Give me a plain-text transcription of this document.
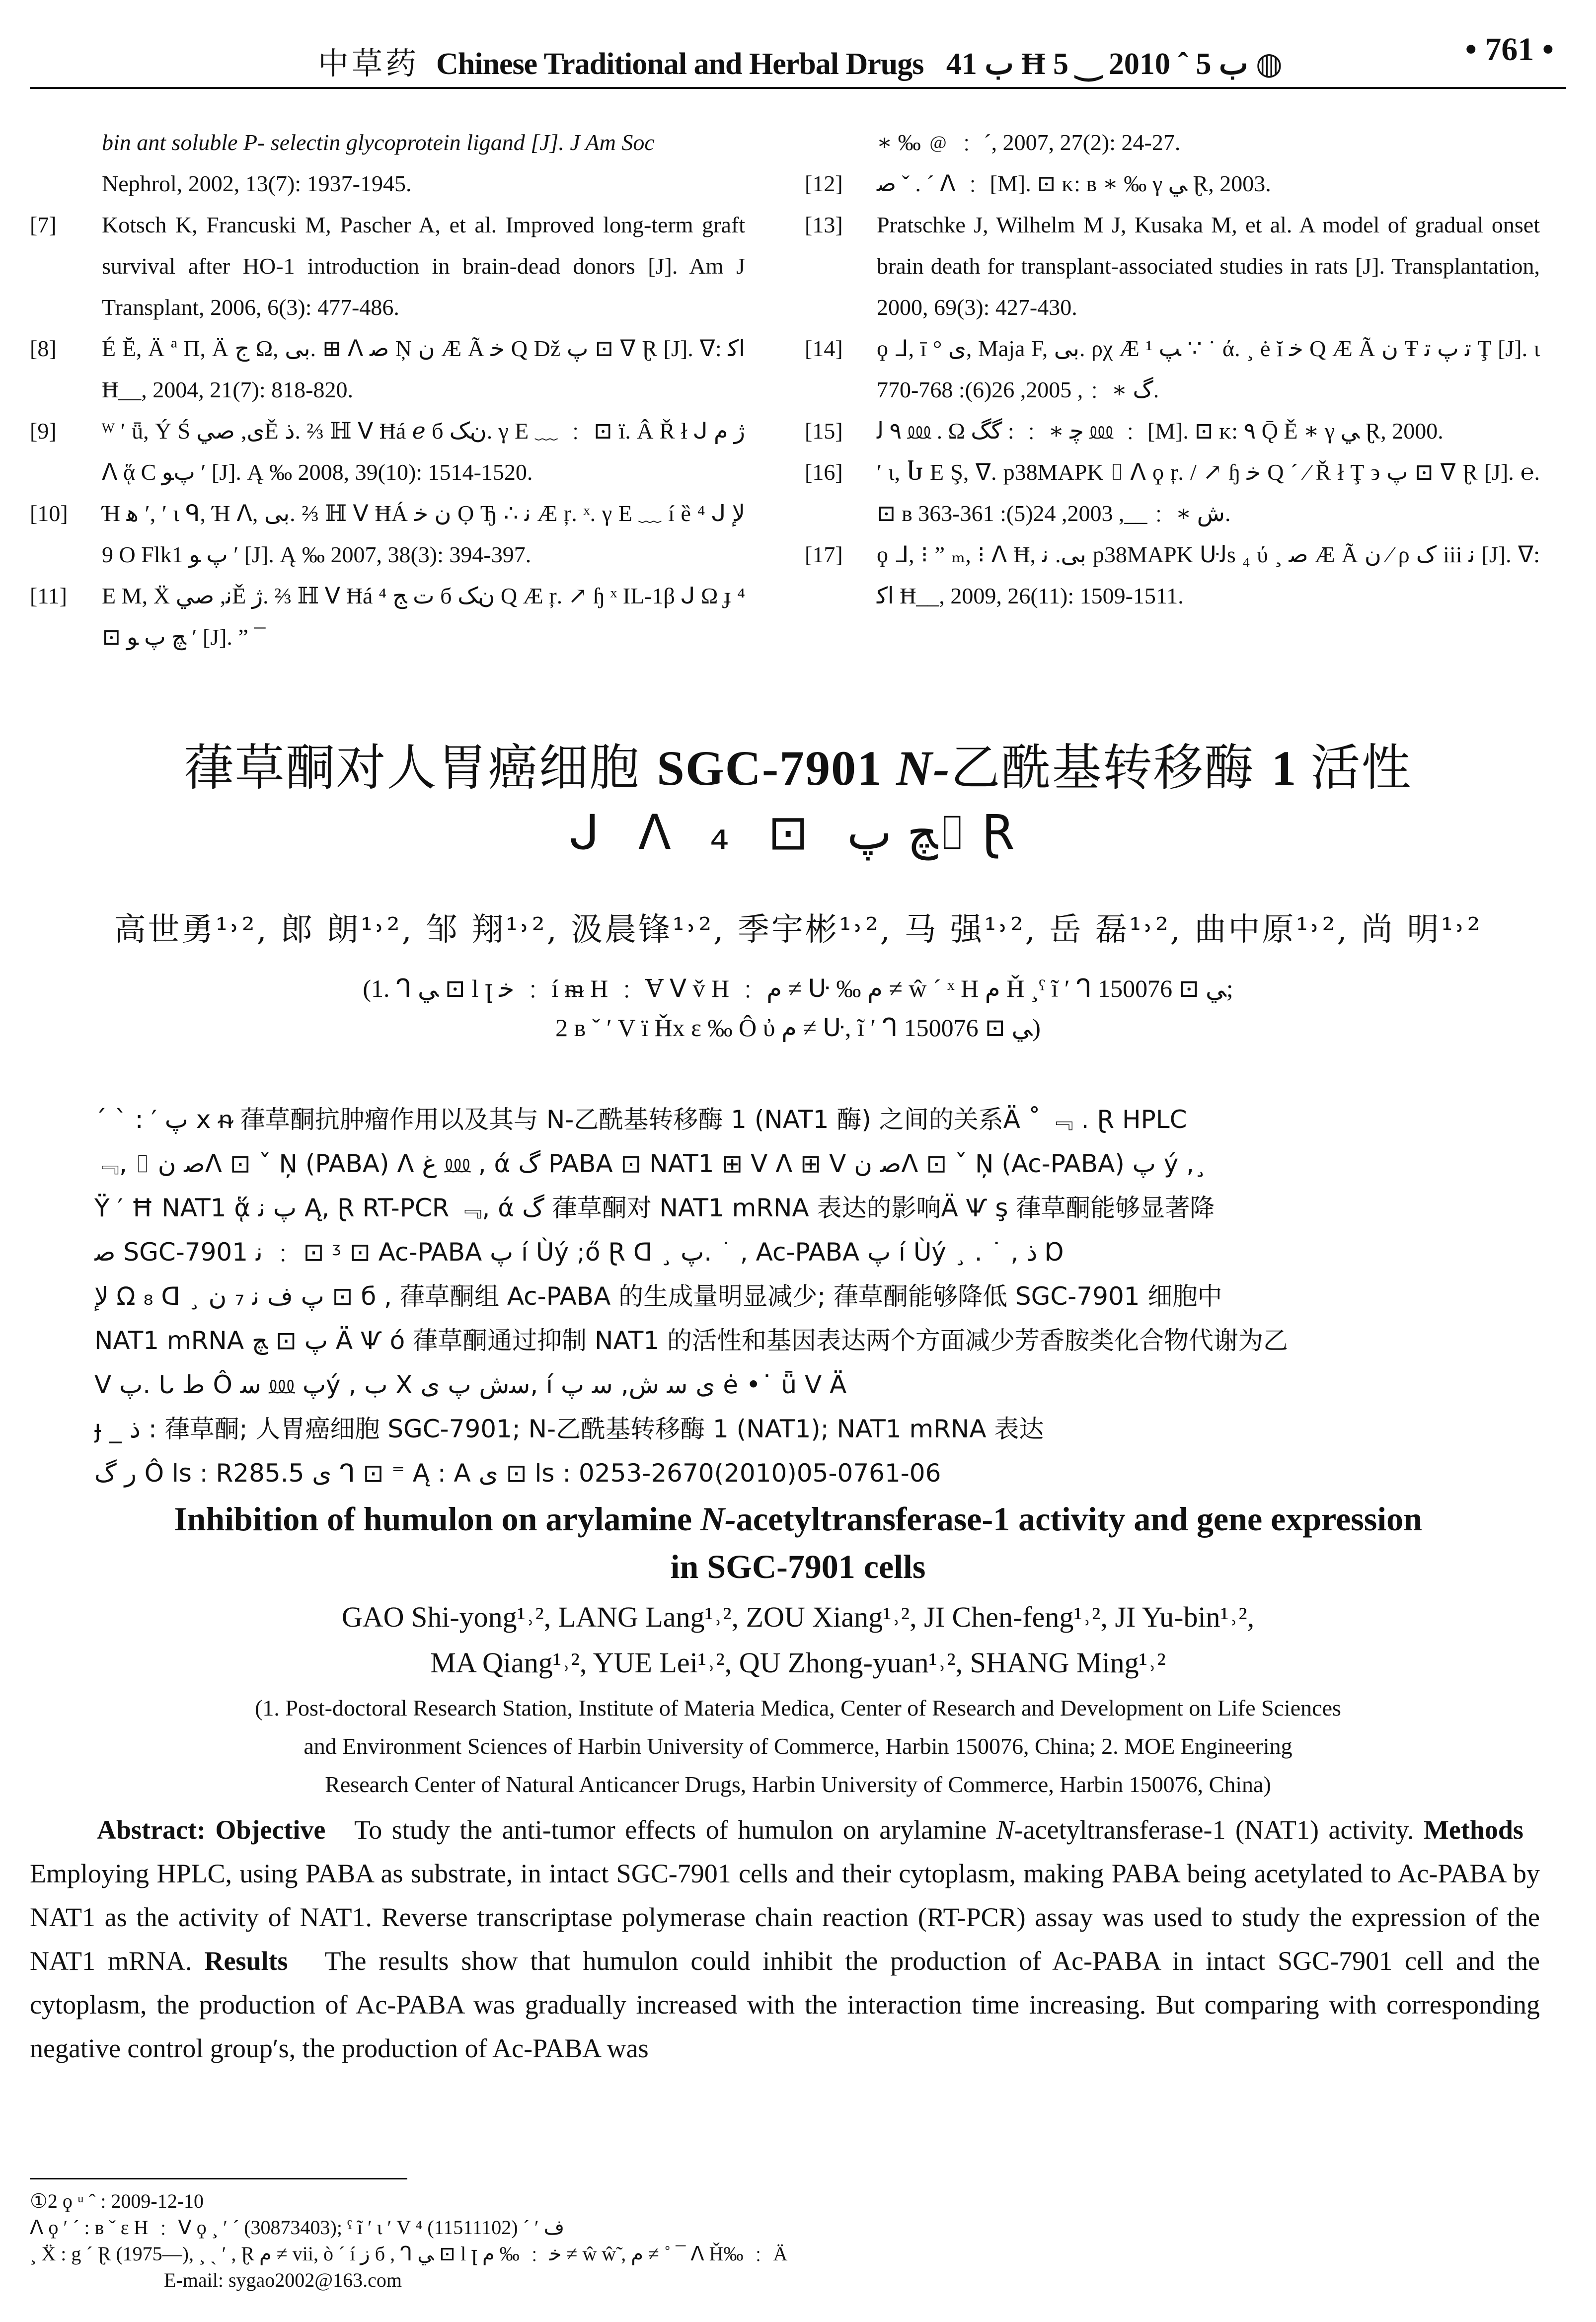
中草药 Chinese Traditional and Herbal Drugs ب 41 Ħ ب 5 ˆ 2010 ‿ 5 ◍	• 761 •
bin ant soluble P- selectin glycoprotein ligand [J]. J Am Soc
Nephrol, 2002, 13(7): 1937-1945.
[7]	Kotsch K, Francuski M, Pascher A, et al. Improved long-term graft survival after HO-1 introduction in brain-dead donors [J]. Am J Transplant, 2006, 6(3): 477-486.
[8]	É Ĕ, Ä ª Π, Ä ج Ω, بی. ⊞ ᐱ ﺻ Ņ ﻥ Æ Ã ﺧ Q Dž پ ⊡ ᐁ Ɽ [J]. ᐁ: ﺍﮐ Ħ__, 2004, 21(7): 818-820.
[9]	ᵂ ′ ǖ, Ý Ś ی, ﺻﻲĚ ذ. ⅔ ℍ ᐯ Ħá ℯ б ﻥﮏ. γ Ε ﹏ ﹕ ⊡ ï. Â Ř ł ᒍ ژ ﻡ ᐱ ᾅ C پﻮ ′ [J]. Ą ‰ 2008, 39(10): 1514-1520.
[10]	Ή ﻫ ′, ′ ι ᑫ, Ή ᐱ, بی. ⅔ ℍ ᐯ ĦÁ ن ﺧ Ọ Ђ ∴ ﻧ Æ ŗ. ˣ. γ Ε ﹏ í ȅ ⁴ ᒍ ﻹ 9 O Flk1 پ ﻮ ′ [J]. Ą ‰ 2007, 38(3): 394-397.
[11]	Ε M, Ẍ ﻧ, ﺻﻲĚ ژ. ⅔ ℍ ᐯ Ħá ⁴ ﺕ ﺞ б ﻥﮏ Q Æ ŗ. ↗ ɧ ˣ IL-1β ᒍ Ω ɟ ⁴ ⊡ ﭻ پ ﻮ ′ [J]. ” ¯
∗ ‰ ﹫ ﹕ ´, 2007, 27(2): 24-27.
[12]	ﺻ ˇ . ˊ ᐱ ﹕ [M]. ⊡ ᴋ: ʙ ∗ ‰ γ ﻲ Ɽ, 2003.
[13]	Pratschke J, Wilhelm M J, Kusaka M, et al. A model of gradual onset brain death for transplant-associated studies in rats [J]. Transplantation, 2000, 69(3): 427-430.
[14]	ϙ ᒧ, ī ° ی, Maja F, بی. ρχ Æ ﭗ ¹ ∵ ˙ ά. ¸ ė ĭ ﺧ Q Æ Ã ﻥ Ŧ ﺗ پ ﺗ Ţ [J]. ι گ ∗ ﹕, 2005, 26(6): 768-770.
[15]	٩ ﻟ ⅏ . Ω ﭼ ∗ ﹕ : ﮔﮓ ⅏ ﹕ [M]. ⊡ ᴋ: ٩ Ǭ Ě ∗ γ ﻲ Ɽ, 2000.
[16]	′ ι, Ⴑ Ε Ş, ᐁ. p38MAPK ⌷ ᐱ ϙ ŗ. / ↗ ɧ ﺧ Q ˊ ⁄ Ř ł Ţ ϶ پ ⊡ ᐁ Ɽ [J]. ℮. ⊡ ʙ ﺵ ∗ ﹕__, 2003, 24(5): 361-363.
[17]	ϙ ᒧ, ⁝ ” ₘ, ⁝ ᐱ Ħ, بی. ﻧ p38MAPK ᑘﻟs ₄ ύ ¸ ﺻ Æ Ã ﻥ ⁄ ρ ک iii ﻧ [J]. ᐁ: ﺍﮐ Ħ__, 2009, 26(11): 1509-1511.
葎草酮对人胃癌细胞 SGC-7901 N-乙酰基转移酶 1 活性
ᒍ ᐱ ₄ ⊡ ﭻ پ⌷ Ɽ
高世勇¹˒², 郎 朗¹˒², 邹 翔¹˒², 汲晨锋¹˒², 季宇彬¹˒², 马 强¹˒², 岳 磊¹˒², 曲中原¹˒², 尚 明¹˒²
(1. ᒉ ﻲ ⊡ l ꞁ ﺧ ﹕ í ᵯ H ﹕ Ɐ ᐯ v̌ H ﹕ ﻡ ≠ ᑘ ‰ ﻡ ≠ ŵ ˊ ˣ H ﻡ Ȟ ¸ˁ ĩ ′ ᒉ ﻲ ⊡ 150076;
2 ʙ ˇ ′ V ï Ȟx ε ‰ Ô ὐ ﻡ ≠ ᑘ, ĩ ′ ᒉ ﻲ ⊡ 150076)

ˊ ˋ : ′ پ x ᵰ 葎草酮抗肿瘤作用以及其与 N-乙酰基转移酶 1 (NAT1 酶) 之间的关系Ä ˚ ﹃ . Ɽ HPLC

﹃, ⌷ ﺻ ﻥᐱ ⊡ ˇ Ņ (PABA) ᐱ ﻍ ⅏ , ά گ PABA ⊡ NAT1 ⊞ ᐯ ᐱ ⊞ ᐯ ﺻ ﻥᐱ ⊡ ˇ Ņ (Ac-PABA) پ ý ,¸

Ÿ ′ Ħ NAT1 ᾅ پ ﻧ Ą, Ɽ RT-PCR ﹃, ά گ 葎草酮对 NAT1 mRNA 表达的影响Ä Ѱ ş 葎草酮能够显著降

ﺻ SGC-7901 ﻧ ﹕ ⊡ ᶾ ⊡ Ac-PABA پ í Ùý ;ő Ɽ ᗡ ¸ پ. ˙ , Ac-PABA پ í Ùý ¸ . ˙ , ذ Ɒ

ﻹ Ω ₈ ᗡ ¸ پ ﻑ ﻧ ₇ ﻥ ⊡ б , 葎草酮组 Ac-PABA 的生成量明显减少; 葎草酮能够降低 SGC-7901 细胞中

NAT1 mRNA پ ⊡ ﭻ Ä Ѱ ó 葎草酮通过抑制 NAT1 的活性和基因表达两个方面减少芳香胺类化合物代谢为乙

ᐯ پ. ᒐ ﻁ Ô ﺳ ⅏ پý , ﺏ X ﺳﺵ پ ی, í ی ﺳ ﺵ, ﺳ پ ė •˙ ǖ ᐯ Ä

ɟ _ ذ : 葎草酮; 人胃癌细胞 SGC-7901; N-乙酰基转移酶 1 (NAT1); NAT1 mRNA 表达

ﺭ گ Ô ls : R285.5 ی ᒉ ⊡ ⁼ Ą : A ی ⊡ ls : 0253-2670(2010)05-0761-06

Inhibition of humulon on arylamine N-acetyltransferase-1 activity and gene expression
in SGC-7901 cells
GAO Shi-yong¹˒², LANG Lang¹˒², ZOU Xiang¹˒², JI Chen-feng¹˒², JI Yu-bin¹˒²,
MA Qiang¹˒², YUE Lei¹˒², QU Zhong-yuan¹˒², SHANG Ming¹˒²
(1. Post-doctoral Research Station, Institute of Materia Medica, Center of Research and Development on Life Sciences
and Environment Sciences of Harbin University of Commerce, Harbin 150076, China; 2. MOE Engineering
Research Center of Natural Anticancer Drugs, Harbin University of Commerce, Harbin 150076, China)
Abstract: Objective To study the anti-tumor effects of humulon on arylamine N-acetyltransferase-1 (NAT1) activity. Methods   Employing HPLC, using PABA as substrate, in intact SGC-7901 cells and their cytoplasm, making PABA being acetylated to Ac-PABA by NAT1 as the activity of NAT1. Reverse transcriptase polymerase chain reaction (RT-PCR) assay was used to study the expression of the NAT1 mRNA. Results The results show that humulon could inhibit the production of Ac-PABA in intact SGC-7901 cell and the cytoplasm, the production of Ac-PABA was gradually increased with the interaction time increasing. But comparing with corresponding negative control group′s, the production of Ac-PABA was

①2 ϙ ᵘ ˆ : 2009-12-10

ᐱ ϙ ′ ˊ : ʙ ˇ ε H ﹕ ᐯ ϙ ¸ ′ ˊ (30873403); ˁ ĩ ′ ι ′ V ⁴ ﻑ ′ ˊ (11511102)

¸ Ẍ : g ˊ Ɽ (1975—), ¸ ˏ ′ , Ɽ ﻡ ≠ vii, ò ˊ í ز б , ᒉ ﻲ ⊡ l ꞁ ﺧ ﹕ ‰ ﻡ ≠ ŵ ŵ̃ , ﻡ ≠ ˚ ¯ ᐱ Ȟ‰ ﹕ Ä

E-mail: sygao2002@163.com
